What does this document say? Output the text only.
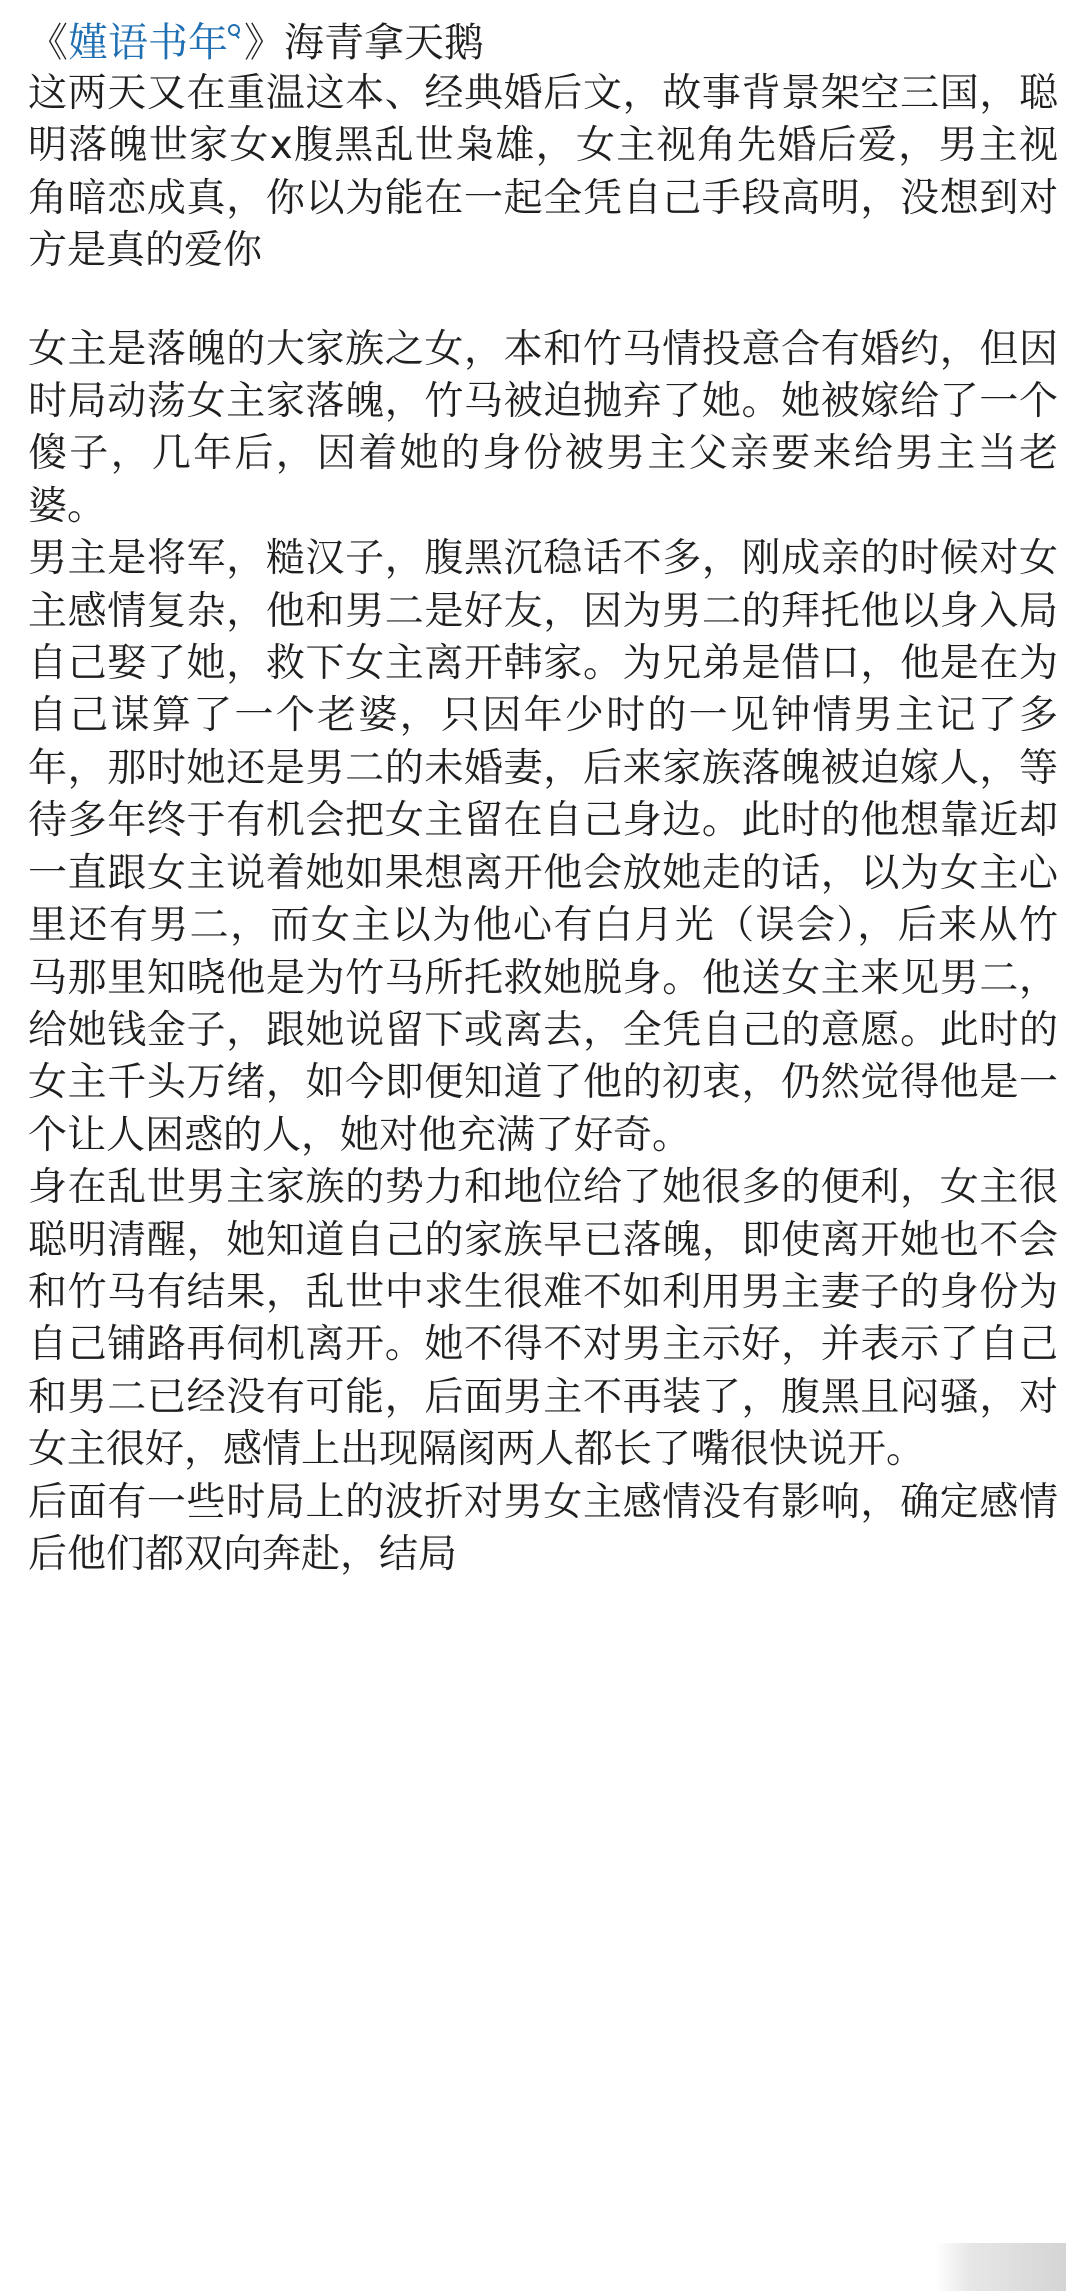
《嫤语书年 》海青拿天鹅

这两天又在重温这本、经典婚后文，故事背景架空三国，聪明落魄世家女x腹黑乱世枭雄，女主视角先婚后爱，男主视角暗恋成真，你以为能在一起全凭自己手段高明，没想到对方是真的爱你

女主是落魄的大家族之女，本和竹马情投意合有婚约，但因时局动荡女主家落魄，竹马被迫抛弃了她。她被嫁给了一个傻子，几年后，因着她的身份被男主父亲要来给男主当老婆。

男主是将军，糙汉子，腹黑沉稳话不多，刚成亲的时候对女主感情复杂，他和男二是好友，因为男二的拜托他以身入局自己娶了她，救下女主离开韩家。为兄弟是借口，他是在为自己谋算了一个老婆，只因年少时的一见钟情男主记了多年，那时她还是男二的未婚妻，后来家族落魄被迫嫁人，等待多年终于有机会把女主留在自己身边。此时的他想靠近却一直跟女主说着她如果想离开他会放她走的话，以为女主心里还有男二，而女主以为他心有白月光（误会），后来从竹马那里知晓他是为竹马所托救她脱身。他送女主来见男二，给她钱金子，跟她说留下或离去，全凭自己的意愿。此时的女主千头万绪，如今即便知道了他的初衷，仍然觉得他是一个让人困惑的人，她对他充满了好奇。

身在乱世男主家族的势力和地位给了她很多的便利，女主很聪明清醒，她知道自己的家族早已落魄，即使离开她也不会和竹马有结果，乱世中求生很难不如利用男主妻子的身份为自己铺路再伺机离开。她不得不对男主示好，并表示了自己和男二已经没有可能，后面男主不再装了，腹黑且闷骚，对女主很好，感情上出现隔阂两人都长了嘴很快说开。

后面有一些时局上的波折对男女主感情没有影响，确定感情后他们都双向奔赴，结局
